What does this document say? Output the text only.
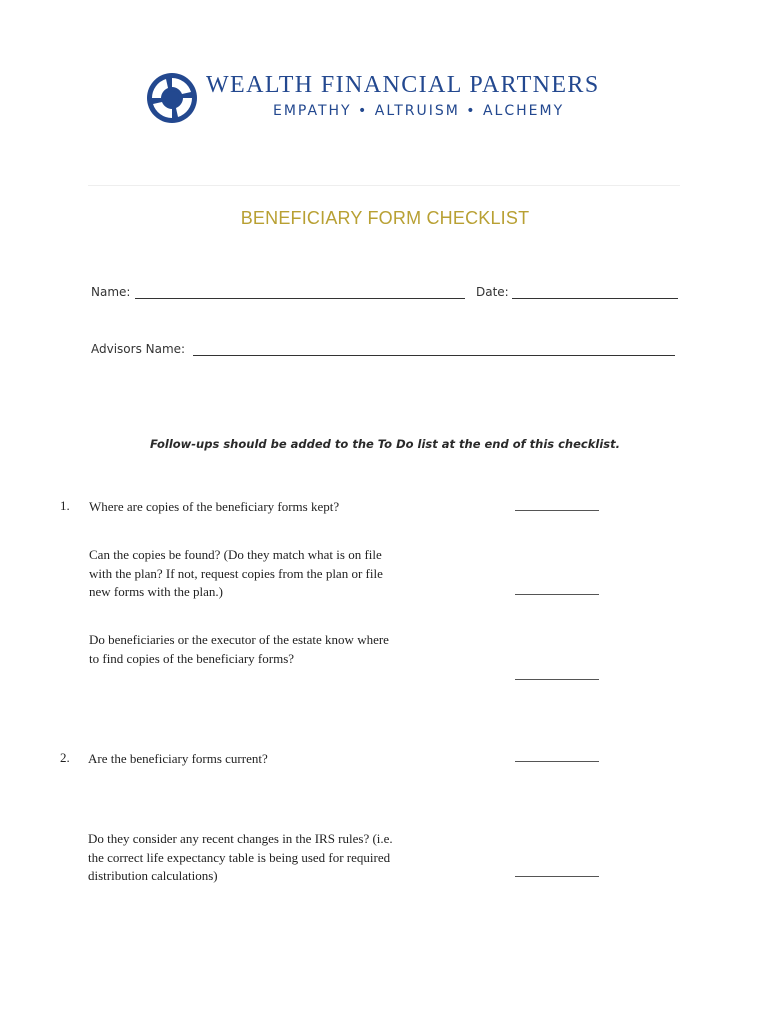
WEALTH FINANCIAL PARTNERS
EMPATHY • ALTRUISM • ALCHEMY
BENEFICIARY FORM CHECKLIST
Name:	Date:
Advisors Name:
Follow-ups should be added to the To Do list at the end of this checklist.
1. Where are copies of the beneficiary forms kept?
Can the copies be found? (Do they match what is on file with the plan? If not, request copies from the plan or file new forms with the plan.)
Do beneficiaries or the executor of the estate know where to find copies of the beneficiary forms?
2. Are the beneficiary forms current?
Do they consider any recent changes in the IRS rules? (i.e. the correct life expectancy table is being used for required distribution calculations)
